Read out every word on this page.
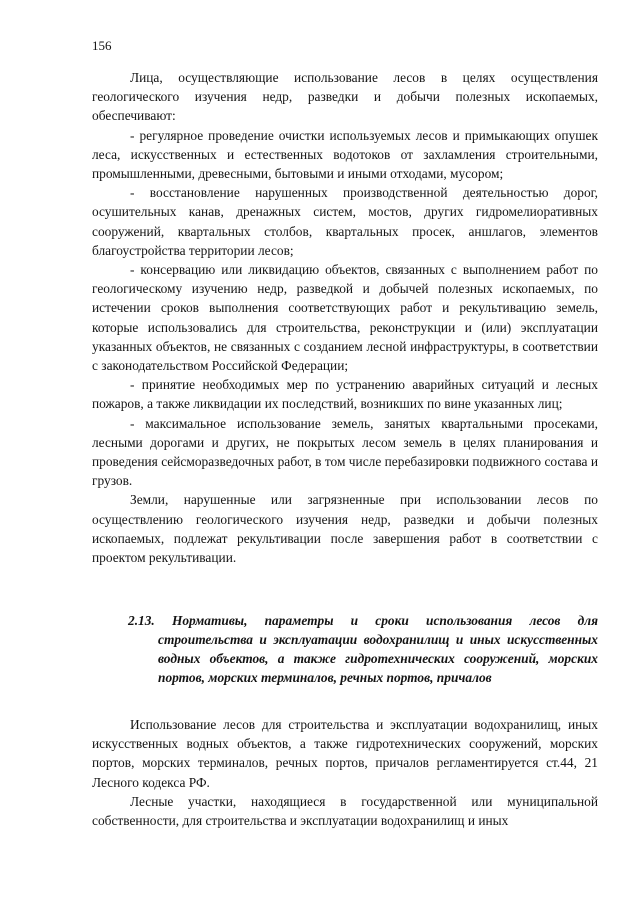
156

Лица, осуществляющие использование лесов в целях осуществления геологического изучения недр, разведки и добычи полезных ископаемых, обеспечивают:

- регулярное проведение очистки используемых лесов и примыкающих опушек леса, искусственных и естественных водотоков от захламления строительными, промышленными, древесными, бытовыми и иными отходами, мусором;

- восстановление нарушенных производственной деятельностью дорог, осушительных канав, дренажных систем, мостов, других гидромелиоративных сооружений, квартальных столбов, квартальных просек, аншлагов, элементов благоустройства территории лесов;

- консервацию или ликвидацию объектов, связанных с выполнением работ по геологическому изучению недр, разведкой и добычей полезных ископаемых, по истечении сроков выполнения соответствующих работ и рекультивацию земель, которые использовались для строительства, реконструкции и (или) эксплуатации указанных объектов, не связанных с созданием лесной инфраструктуры, в соответствии с законодательством Российской Федерации;

- принятие необходимых мер по устранению аварийных ситуаций и лесных пожаров, а также ликвидации их последствий, возникших по вине указанных лиц;

- максимальное использование земель, занятых квартальными просеками, лесными дорогами и других, не покрытых лесом земель в целях планирования и проведения сейсморазведочных работ, в том числе перебазировки подвижного состава и грузов.

Земли, нарушенные или загрязненные при использовании лесов по осуществлению геологического изучения недр, разведки и добычи полезных ископаемых, подлежат рекультивации после завершения работ в соответствии с проектом рекультивации.

2.13. Нормативы, параметры и сроки использования лесов для строительства и эксплуатации водохранилищ и иных искусственных водных объектов, а также гидротехнических сооружений, морских портов, морских терминалов, речных портов, причалов

Использование лесов для строительства и эксплуатации водохранилищ, иных искусственных водных объектов, а также гидротехнических сооружений, морских портов, морских терминалов, речных портов, причалов регламентируется ст.44, 21 Лесного кодекса РФ.

Лесные участки, находящиеся в государственной или муниципальной собственности, для строительства и эксплуатации водохранилищ и иных
